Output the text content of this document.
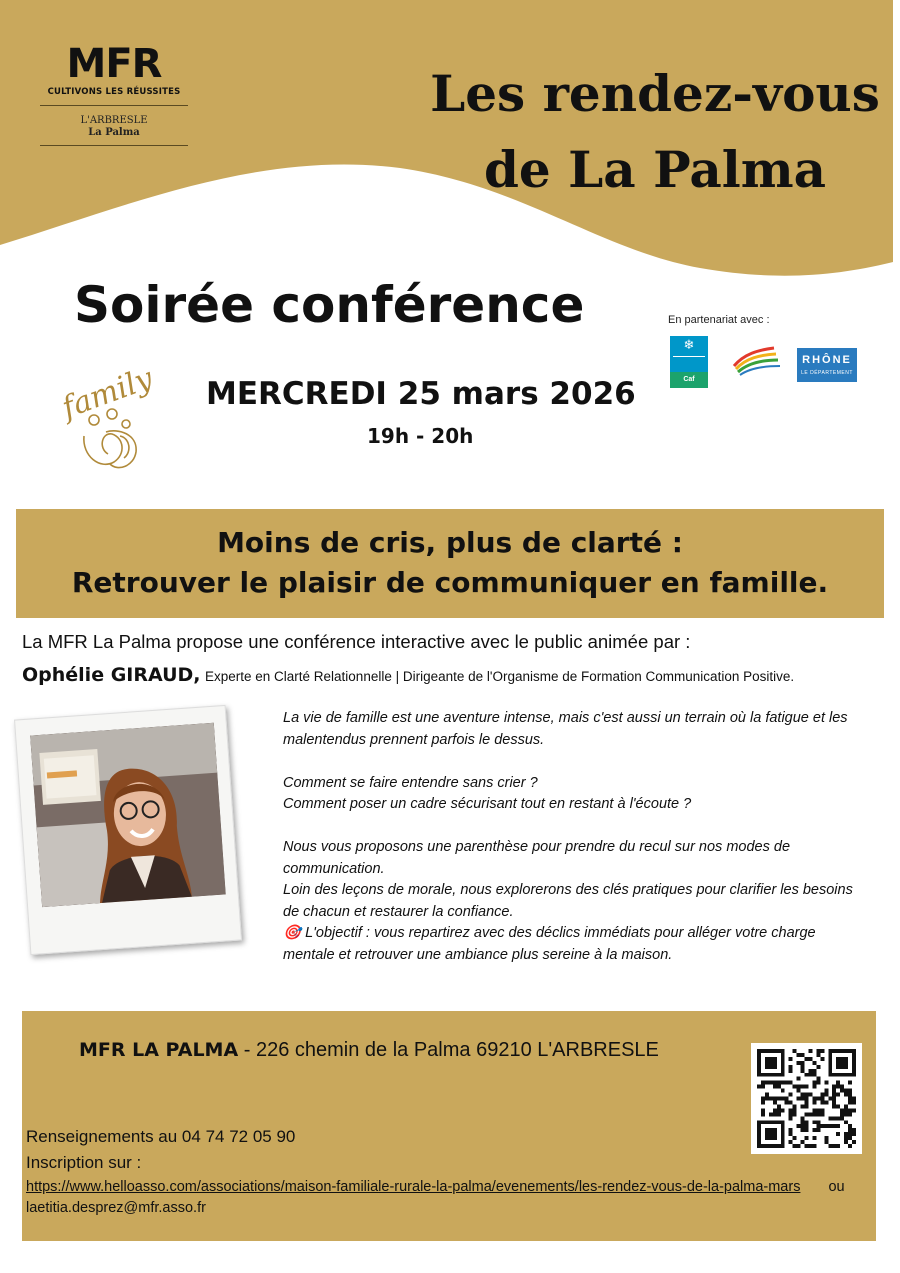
MFR
CULTIVONS LES RÉUSSITES
L'ARBRESLE
La Palma
Les rendez-vous
de La Palma
Soirée conférence	En partenariat avec :
❄
Caf
RHÔNE
LE DÉPARTEMENT
family MERCREDI 25 mars 2026
19h - 20h
Moins de cris, plus de clarté :
Retrouver le plaisir de communiquer en famille.
La MFR La Palma propose une conférence interactive avec le public animée par :
Ophélie GIRAUD, Experte en Clarté Relationnelle | Dirigeante de l'Organisme de Formation Communication Positive.

La vie de famille est une aventure intense, mais c'est aussi un terrain où la fatigue et les malentendus prennent parfois le dessus.

Comment se faire entendre sans crier ?

Comment poser un cadre sécurisant tout en restant à l'écoute ?

Nous vous proposons une parenthèse pour prendre du recul sur nos modes de communication.

Loin des leçons de morale, nous explorerons des clés pratiques pour clarifier les besoins de chacun et restaurer la confiance.

🎯 L'objectif : vous repartirez avec des déclics immédiats pour alléger votre charge mentale et retrouver une ambiance plus sereine à la maison.

MFR LA PALMA - 226 chemin de la Palma 69210 L'ARBRESLE
Renseignements au 04 74 72 05 90
Inscription sur :
https://www.helloasso.com/associations/maison-familiale-rurale-la-palma/evenements/les-rendez-vous-de-la-palma-mars ou laetitia.desprez@mfr.asso.fr
